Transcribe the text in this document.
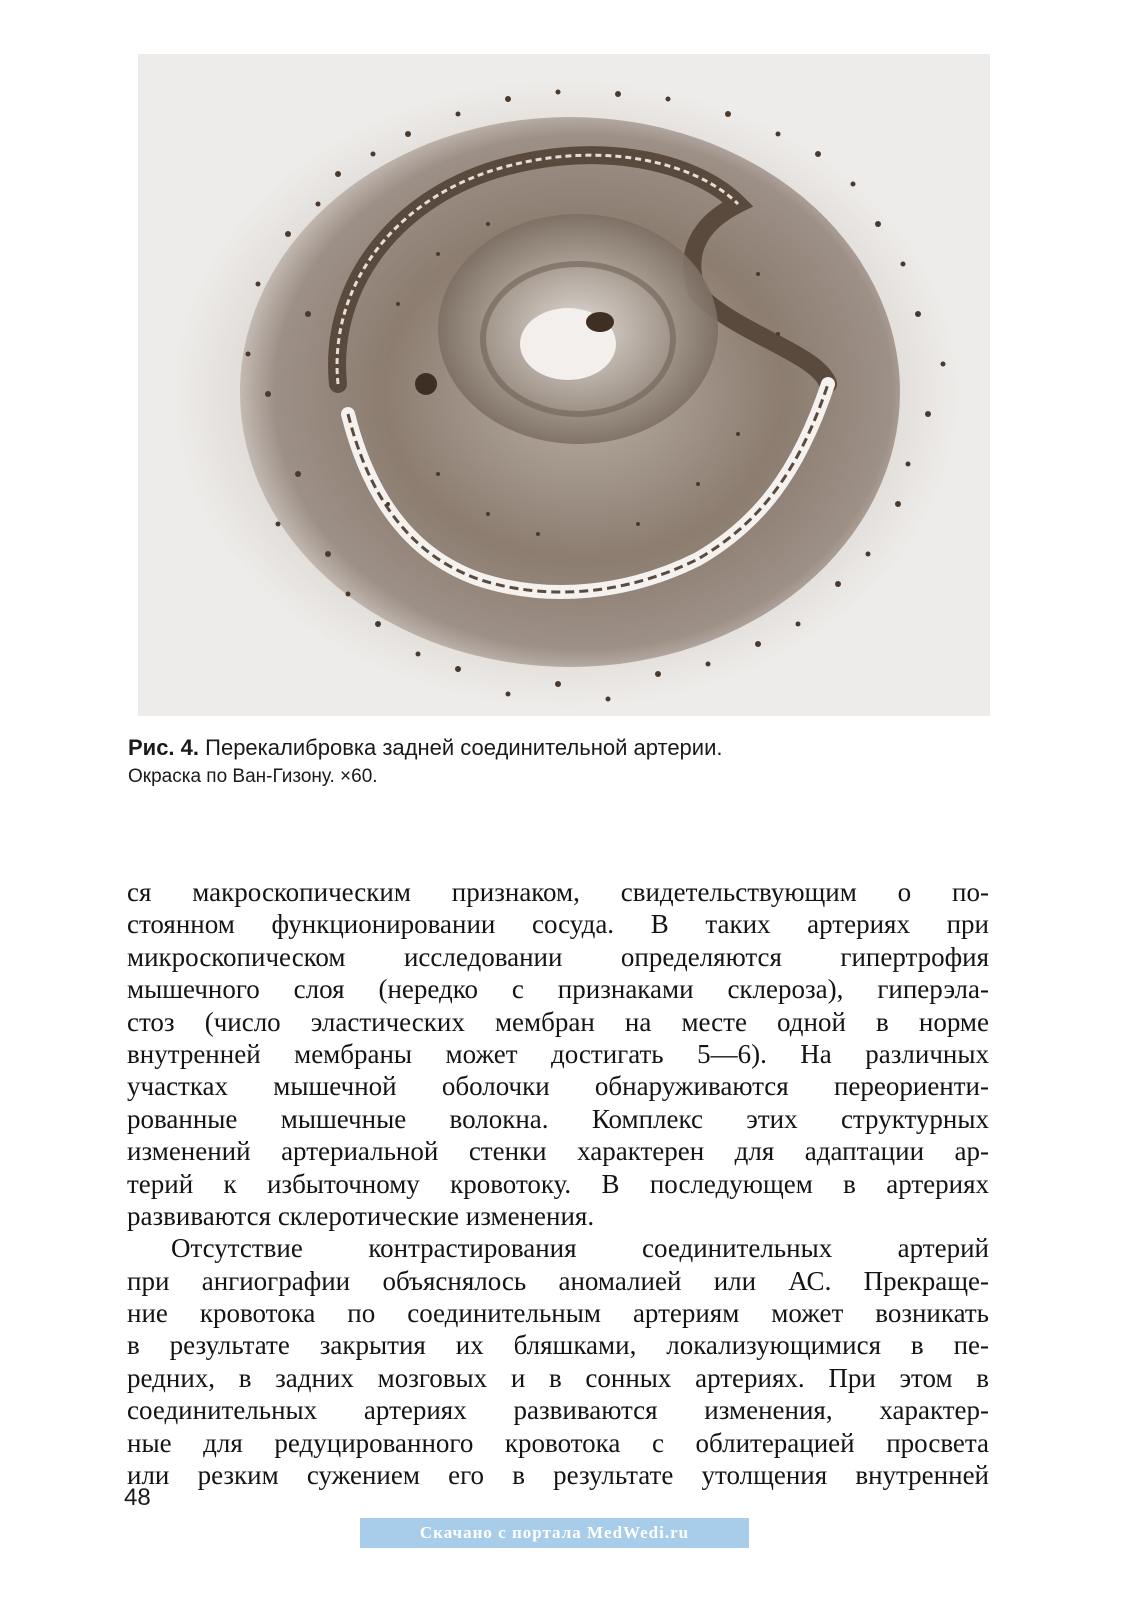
Рис. 4. Перекалибровка задней соединительной артерии.
Окраска по Ван-Гизону. ×60.
ся макроскопическим признаком, свидетельствующим о по-
стоянном функционировании сосуда. В таких артериях при
микроскопическом исследовании определяются гипертрофия
мышечного слоя (нередко с признаками склероза), гиперэла-
стоз (число эластических мембран на месте одной в норме
внутренней мембраны может достигать 5—6). На различных
участках мышечной оболочки обнаруживаются переориенти-
рованные мышечные волокна. Комплекс этих структурных
изменений артериальной стенки характерен для адаптации ар-
терий к избыточному кровотоку. В последующем в артериях
развиваются склеротические изменения.
Отсутствие контрастирования соединительных артерий
при ангиографии объяснялось аномалией или АС. Прекраще-
ние кровотока по соединительным артериям может возникать
в результате закрытия их бляшками, локализующимися в пе-
редних, в задних мозговых и в сонных артериях. При этом в
соединительных артериях развиваются изменения, характер-
ные для редуцированного кровотока с облитерацией просвета
или резким сужением его в результате утолщения внутренней
48
Скачано с портала MedWedi.ru
